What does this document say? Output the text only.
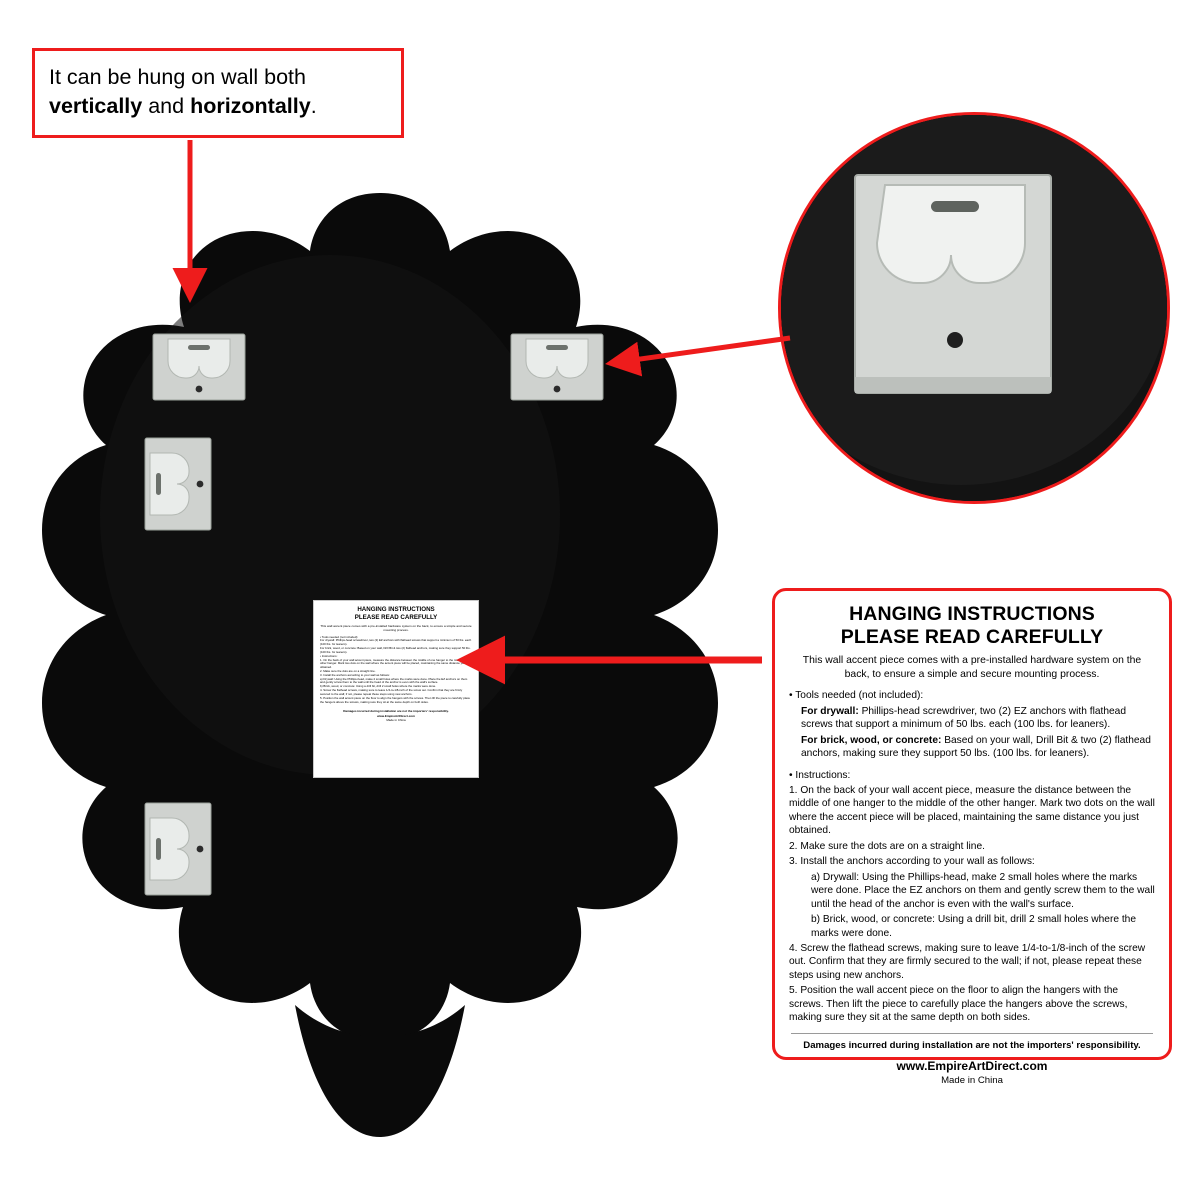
HANGING INSTRUCTIONS
PLEASE READ CAREFULLY
This wall accent piece comes with a pre-installed hardware system on the back, to ensure a simple and secure mounting process.
• Tools needed (not included):
For drywall: Phillips-head screwdriver, two (2) EZ anchors with flathead screws that support a minimum of 50 lbs. each (100 lbs. for leaners).
For brick, wood, or concrete: Based on your wall, Drill Bit & two (2) flathead anchors, making sure they support 50 lbs. (100 lbs. for leaners).
• Instructions:
1. On the back of your wall accent piece, measure the distance between the middle of one hanger to the middle of the other hanger. Mark two dots on the wall where the accent piece will be placed, maintaining the same distance you just obtained.
2. Make sure the dots are on a straight line.
3. Install the anchors according to your wall as follows:
a) Drywall: Using the Phillips-head, make 2 small holes where the marks were done. Place the EZ anchors on them and gently screw them to the wall until the head of the anchor is even with the wall's surface.
b) Brick, wood, or concrete: Using a drill bit, drill 2 small holes where the marks were done.
4. Screw the flathead screws, making sure to leave 1/4-to-1/8-inch of the screw out. Confirm that they are firmly secured to the wall; if not, please repeat these steps using new anchors.
5. Position the wall accent piece on the floor to align the hangers with the screws. Then lift the piece to carefully place the hangers above the screws, making sure they sit at the same depth on both sides.
Damages incurred during installation are not the importers' responsibility.
www.EmpireArtDirect.com
Made in China
It can be hung on wall both
vertically and horizontally.
HANGING INSTRUCTIONS
PLEASE READ CAREFULLY
This wall accent piece comes with a pre-installed hardware system on the back, to ensure a simple and secure mounting process.

• Tools needed (not included):

For drywall: Phillips-head screwdriver, two (2) EZ anchors with flathead screws that support a minimum of 50 lbs. each (100 lbs. for leaners).

For brick, wood, or concrete: Based on your wall, Drill Bit & two (2) flathead anchors, making sure they support 50 lbs. (100 lbs. for leaners).

• Instructions:

1. On the back of your wall accent piece, measure the distance between the middle of one hanger to the middle of the other hanger. Mark two dots on the wall where the accent piece will be placed, maintaining the same distance you just obtained.

2. Make sure the dots are on a straight line.

3. Install the anchors according to your wall as follows:

a) Drywall: Using the Phillips-head, make 2 small holes where the marks were done. Place the EZ anchors on them and gently screw them to the wall until the head of the anchor is even with the wall's surface.

b) Brick, wood, or concrete: Using a drill bit, drill 2 small holes where the marks were done.

4. Screw the flathead screws, making sure to leave 1/4-to-1/8-inch of the screw out. Confirm that they are firmly secured to the wall; if not, please repeat these steps using new anchors.

5. Position the wall accent piece on the floor to align the hangers with the screws. Then lift the piece to carefully place the hangers above the screws, making sure they sit at the same depth on both sides.

Damages incurred during installation are not the importers' responsibility.
www.EmpireArtDirect.com
Made in China
